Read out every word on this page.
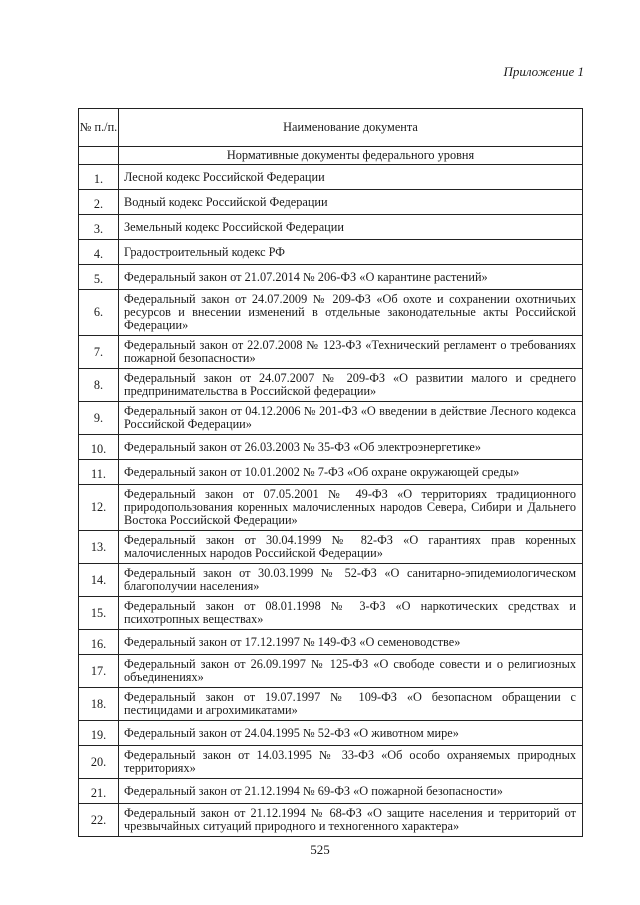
Приложение 1
№ п./п.	Наименование документа
	Нормативные документы федерального уровня
1.	Лесной кодекс Российской Федерации
2.	Водный кодекс Российской Федерации
3.	Земельный кодекс Российской Федерации
4.	Градостроительный кодекс РФ
5.	Федеральный закон от 21.07.2014 № 206-ФЗ «О карантине растений»
6.	Федеральный закон от 24.07.2009 № 209-ФЗ «Об охоте и сохранении охотничьих ресурсов и внесении изменений в отдельные законодательные акты Российской Федерации»
7.	Федеральный закон от 22.07.2008 № 123-ФЗ «Технический регламент о требованиях пожарной безопасности»
8.	Федеральный закон от 24.07.2007 № 209-ФЗ «О развитии малого и среднего предпринимательства в Российской федерации»
9.	Федеральный закон от 04.12.2006 № 201-ФЗ «О введении в действие Лесного кодекса Российской Федерации»
10.	Федеральный закон от 26.03.2003 № 35-ФЗ «Об электроэнергетике»
11.	Федеральный закон от 10.01.2002 № 7-ФЗ «Об охране окружающей среды»
12.	Федеральный закон от 07.05.2001 № 49-ФЗ «О территориях традиционного природопользования коренных малочисленных народов Севера, Сибири и Дальнего Востока Российской Федерации»
13.	Федеральный закон от 30.04.1999 № 82-ФЗ «О гарантиях прав коренных малочисленных народов Российской Федерации»
14.	Федеральный закон от 30.03.1999 № 52-ФЗ «О санитарно-эпидемиологическом благополучии населения»
15.	Федеральный закон от 08.01.1998 № 3-ФЗ «О наркотических средствах и психотропных веществах»
16.	Федеральный закон от 17.12.1997 № 149-ФЗ «О семеноводстве»
17.	Федеральный закон от 26.09.1997 № 125-ФЗ «О свободе совести и о религиозных объединениях»
18.	Федеральный закон от 19.07.1997 № 109-ФЗ «О безопасном обращении с пестицидами и агрохимикатами»
19.	Федеральный закон от 24.04.1995 № 52-ФЗ «О животном мире»
20.	Федеральный закон от 14.03.1995 № 33-ФЗ «Об особо охраняемых природных территориях»
21.	Федеральный закон от 21.12.1994 № 69-ФЗ «О пожарной безопасности»
22.	Федеральный закон от 21.12.1994 № 68-ФЗ «О защите населения и территорий от чрезвычайных ситуаций природного и техногенного характера»
525
